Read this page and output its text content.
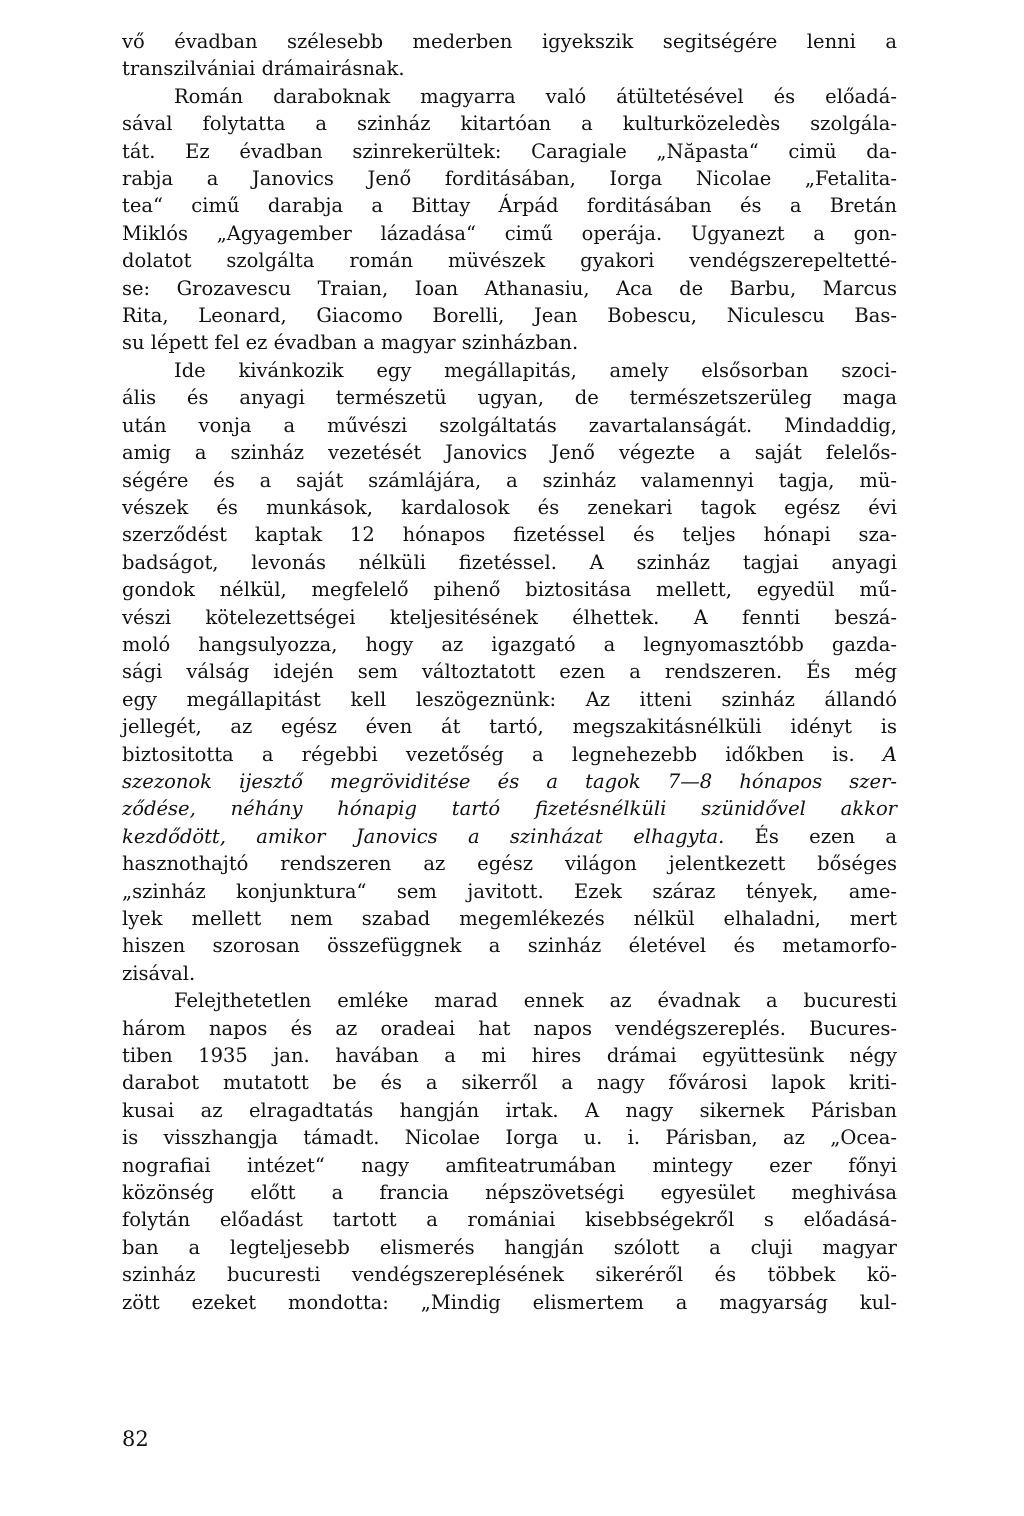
vő évadban szélesebb mederben igyekszik segitségére lenni a
transzilvániai drámairásnak.
Román daraboknak magyarra való átültetésével és előadá-
sával folytatta a szinház kitartóan a kulturközeledès szolgála-
tát. Ez évadban szinrekerültek: Caragiale „Năpasta“ cimü da-
rabja a Janovics Jenő forditásában, Iorga Nicolae „Fetalita-
tea“ cimű darabja a Bittay Árpád forditásában és a Bretán
Miklós „Agyagember lázadása“ cimű operája. Ugyanezt a gon-
dolatot szolgálta román müvészek gyakori vendégszerepeltetté-
se: Grozavescu Traian, Ioan Athanasiu, Aca de Barbu, Marcus
Rita, Leonard, Giacomo Borelli, Jean Bobescu, Niculescu Bas-
su lépett fel ez évadban a magyar szinházban.
Ide kivánkozik egy megállapitás, amely elsősorban szoci-
ális és anyagi természetü ugyan, de természetszerüleg maga
után vonja a művészi szolgáltatás zavartalanságát. Mindaddig,
amig a szinház vezetését Janovics Jenő végezte a saját felelős-
ségére és a saját számlájára, a szinház valamennyi tagja, mü-
vészek és munkások, kardalosok és zenekari tagok egész évi
szerződést kaptak 12 hónapos fizetéssel és teljes hónapi sza-
badságot, levonás nélküli fizetéssel. A szinház tagjai anyagi
gondok nélkül, megfelelő pihenő biztositása mellett, egyedül mű-
vészi kötelezettségei kteljesitésének élhettek. A fennti beszá-
moló hangsulyozza, hogy az igazgató a legnyomasztóbb gazda-
sági válság idején sem változtatott ezen a rendszeren. És még
egy megállapitást kell leszögeznünk: Az itteni szinház állandó
jellegét, az egész éven át tartó, megszakitásnélküli idényt is
biztositotta a régebbi vezetőség a legnehezebb időkben is. A
szezonok ijesztő megröviditése és a tagok 7—8 hónapos szer-
ződése, néhány hónapig tartó fizetésnélküli szünidővel akkor
kezdődött, amikor Janovics a szinházat elhagyta. És ezen a
hasznothajtó rendszeren az egész világon jelentkezett bőséges
„szinház konjunktura“ sem javitott. Ezek száraz tények, ame-
lyek mellett nem szabad megemlékezés nélkül elhaladni, mert
hiszen szorosan összefüggnek a szinház életével és metamorfo-
zisával.
Felejthetetlen emléke marad ennek az évadnak a bucuresti
három napos és az oradeai hat napos vendégszereplés. Bucures-
tiben 1935 jan. havában a mi hires drámai együttesünk négy
darabot mutatott be és a sikerről a nagy fővárosi lapok kriti-
kusai az elragadtatás hangján irtak. A nagy sikernek Párisban
is visszhangja támadt. Nicolae Iorga u. i. Párisban, az „Ocea-
nografiai intézet“ nagy amfiteatrumában mintegy ezer főnyi
közönség előtt a francia népszövetségi egyesület meghivása
folytán előadást tartott a romániai kisebbségekről s előadásá-
ban a legteljesebb elismerés hangján szólott a cluji magyar
szinház bucuresti vendégszereplésének sikeréről és többek kö-
zött ezeket mondotta: „Mindig elismertem a magyarság kul-
82
